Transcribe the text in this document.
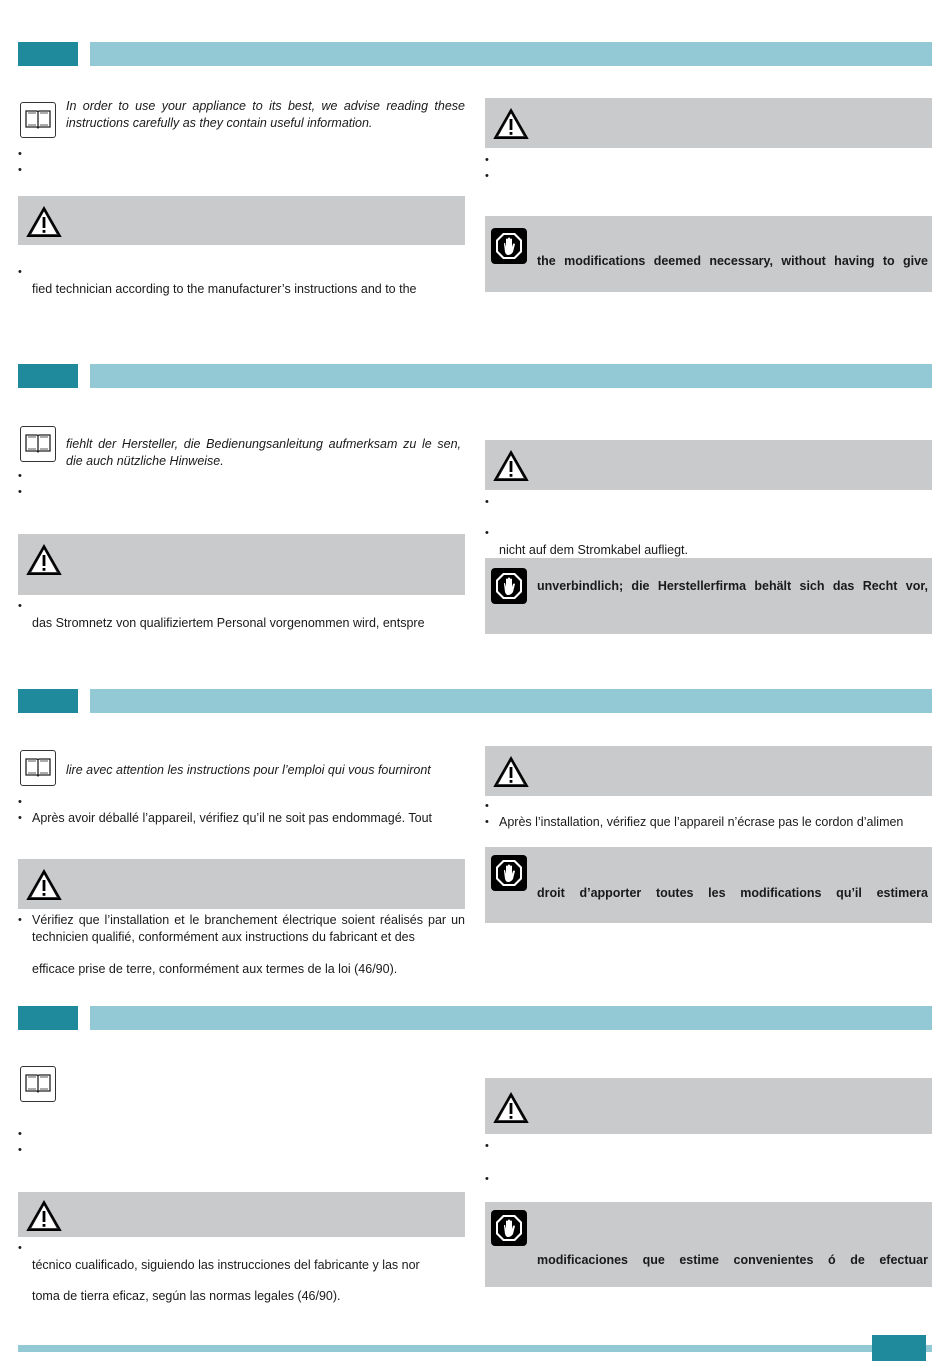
In order to use your appliance to its best, we advise reading these instructions carefully as they contain useful information.

•
•
•
fied technician according to the manufacturer’s instructions and to the
•
•
the modifications deemed necessary, without having to give

fiehlt der Hersteller, die Bedienungsanleitung aufmerksam zu le sen, die auch nützliche Hinweise.

•
•
•
das Stromnetz von qualifiziertem Personal vorgenommen wird, entspre
•
•
nicht auf dem Stromkabel aufliegt.
unverbindlich; die Herstellerfirma behält sich das Recht vor,

lire avec attention les instructions pour l’emploi qui vous fourniront

•
• Après avoir déballé l’appareil, vérifiez qu’il ne soit pas endommagé. Tout
• Vérifiez que l’installation et le branchement électrique soient réalisés par un technicien qualifié, conformément aux instructions du fabricant et des
efficace prise de terre, conformément aux termes de la loi (46/90).
•
• Après l’installation, vérifiez que l’appareil n’écrase pas le cordon d’alimen
droit d’apporter toutes les modifications qu’il estimera
•
•
•
técnico cualificado, siguiendo las instrucciones del fabricante y las nor
toma de tierra eficaz, según las normas legales (46/90).
•
•
modificaciones que estime convenientes ó de efectuar
